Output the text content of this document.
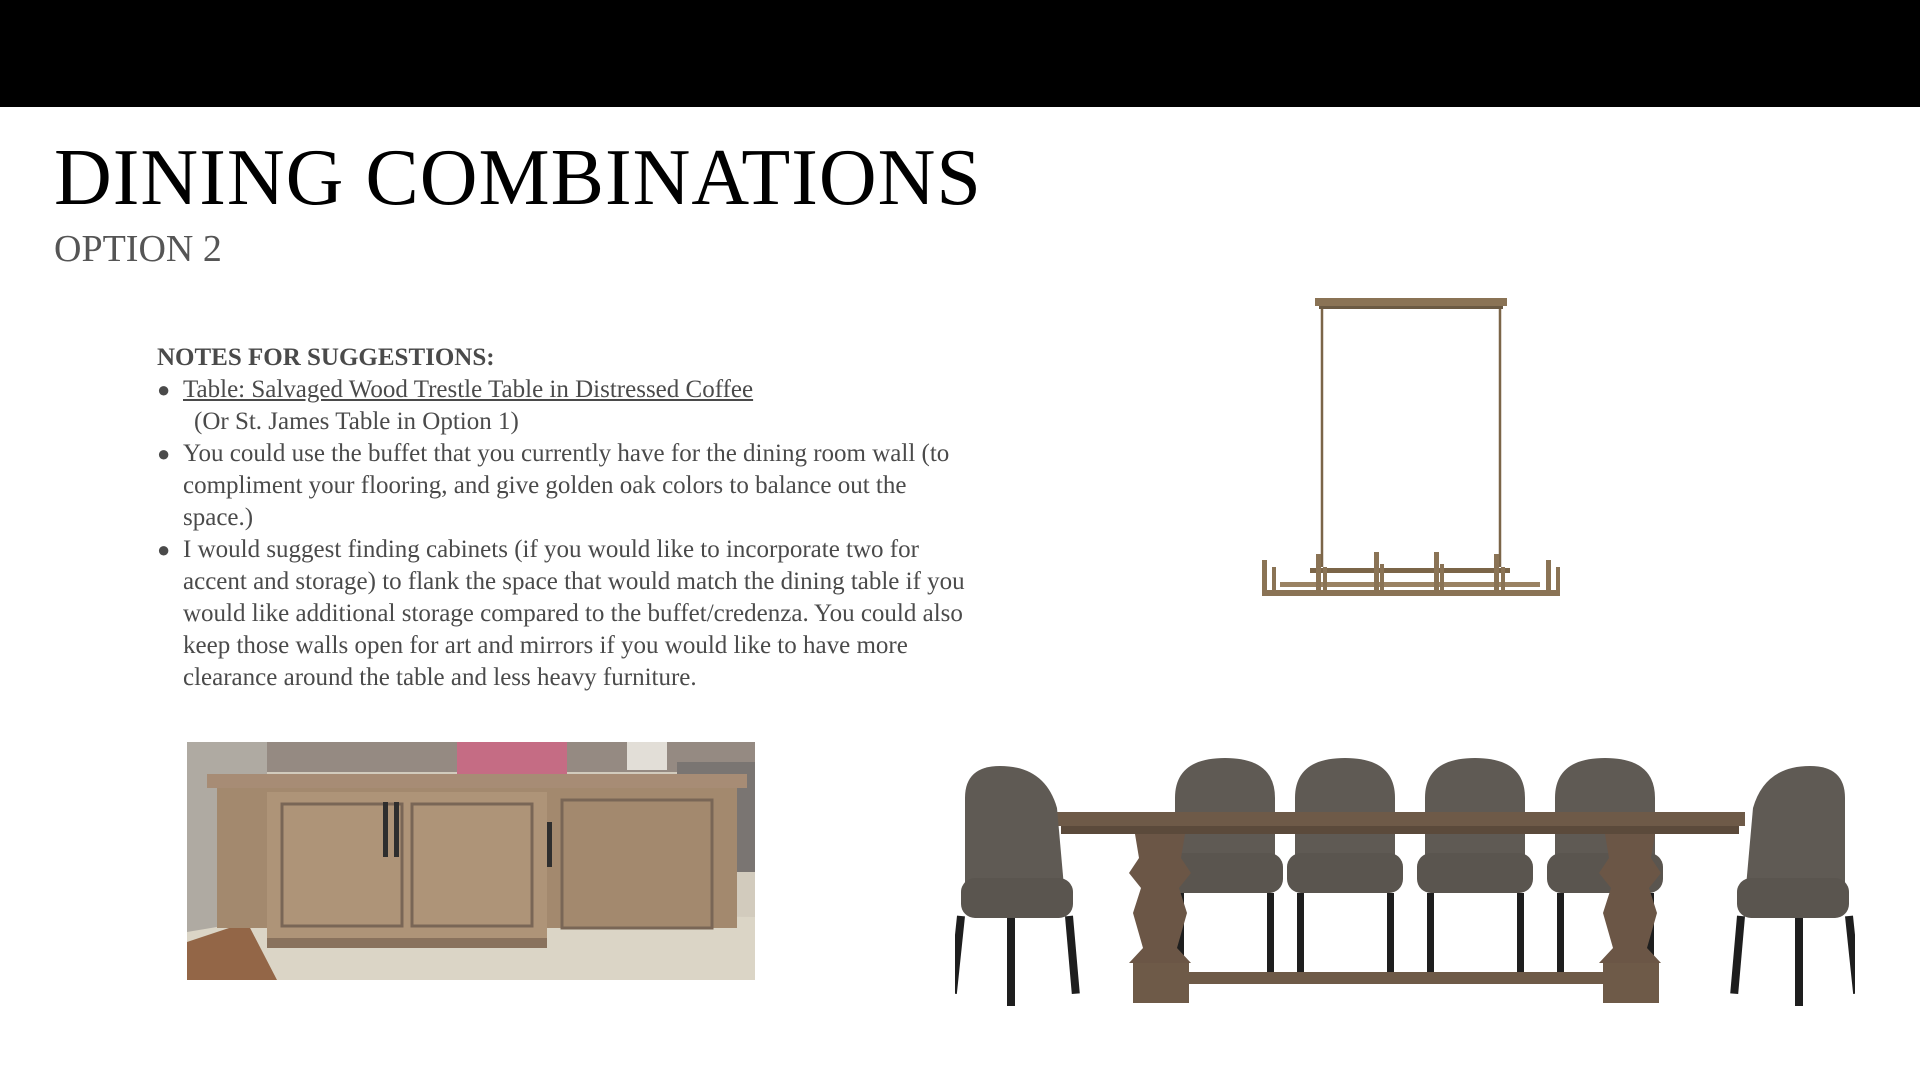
DINING COMBINATIONS
OPTION 2
NOTES FOR SUGGESTIONS:
● Table: Salvaged Wood Trestle Table in Distressed Coffee
(Or St. James Table in Option 1)
● You could use the buffet that you currently have for the dining room wall (to compliment your flooring, and give golden oak colors to balance out the space.)
● I would suggest finding cabinets (if you would like to incorporate two for accent and storage) to flank the space that would match the dining table if you would like additional storage compared to the buffet/credenza. You could also keep those walls open for art and mirrors if you would like to have more clearance around the table and less heavy furniture.
